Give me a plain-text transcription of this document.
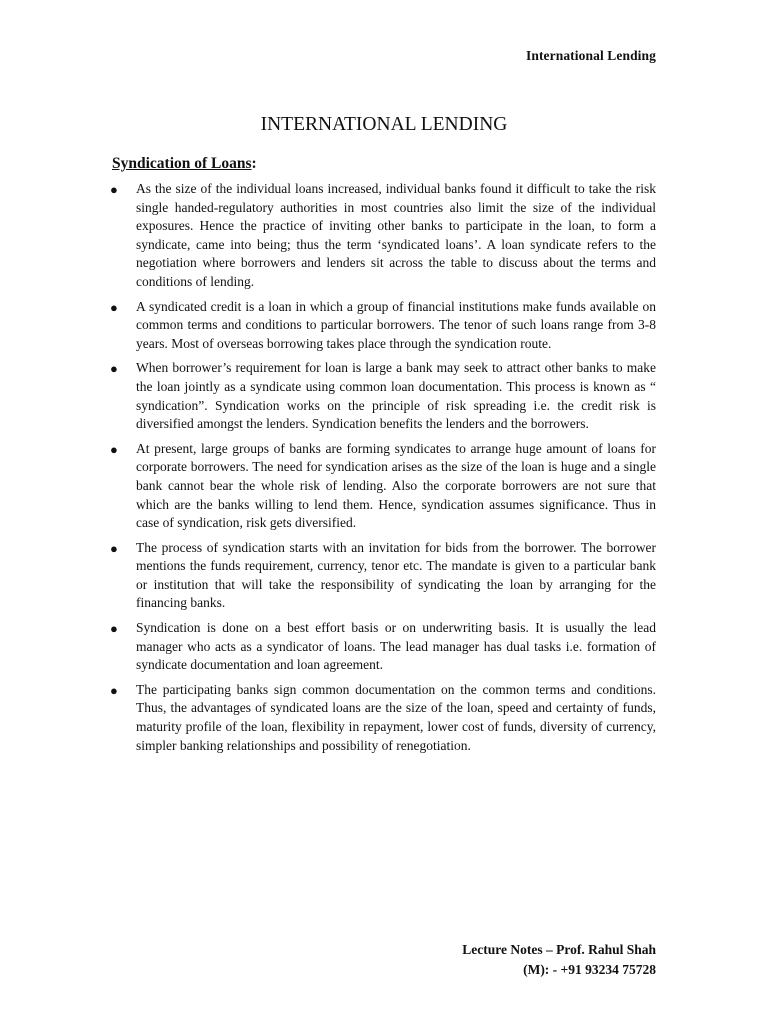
International Lending
INTERNATIONAL LENDING
Syndication of Loans:
● As the size of the individual loans increased, individual banks found it difficult to take the risk single handed-regulatory authorities in most countries also limit the size of the individual exposures. Hence the practice of inviting other banks to participate in the loan, to form a syndicate, came into being; thus the term ‘syndicated loans’. A loan syndicate refers to the negotiation where borrowers and lenders sit across the table to discuss about the terms and conditions of lending.
● A syndicated credit is a loan in which a group of financial institutions make funds available on common terms and conditions to particular borrowers. The tenor of such loans range from 3-8 years. Most of overseas borrowing takes place through the syndication route.
● When borrower’s requirement for loan is large a bank may seek to attract other banks to make the loan jointly as a syndicate using common loan documentation. This process is known as “ syndication”. Syndication works on the principle of risk spreading i.e. the credit risk is diversified amongst the lenders. Syndication benefits the lenders and the borrowers.
● At present, large groups of banks are forming syndicates to arrange huge amount of loans for corporate borrowers. The need for syndication arises as the size of the loan is huge and a single bank cannot bear the whole risk of lending. Also the corporate borrowers are not sure that which are the banks willing to lend them. Hence, syndication assumes significance. Thus in case of syndication, risk gets diversified.
● The process of syndication starts with an invitation for bids from the borrower. The borrower mentions the funds requirement, currency, tenor etc. The mandate is given to a particular bank or institution that will take the responsibility of syndicating the loan by arranging for the financing banks.
● Syndication is done on a best effort basis or on underwriting basis. It is usually the lead manager who acts as a syndicator of loans. The lead manager has dual tasks i.e. formation of syndicate documentation and loan agreement.
● The participating banks sign common documentation on the common terms and conditions. Thus, the advantages of syndicated loans are the size of the loan, speed and certainty of funds, maturity profile of the loan, flexibility in repayment, lower cost of funds, diversity of currency, simpler banking relationships and possibility of renegotiation.
Lecture Notes – Prof. Rahul Shah
(M): - +91 93234 75728
